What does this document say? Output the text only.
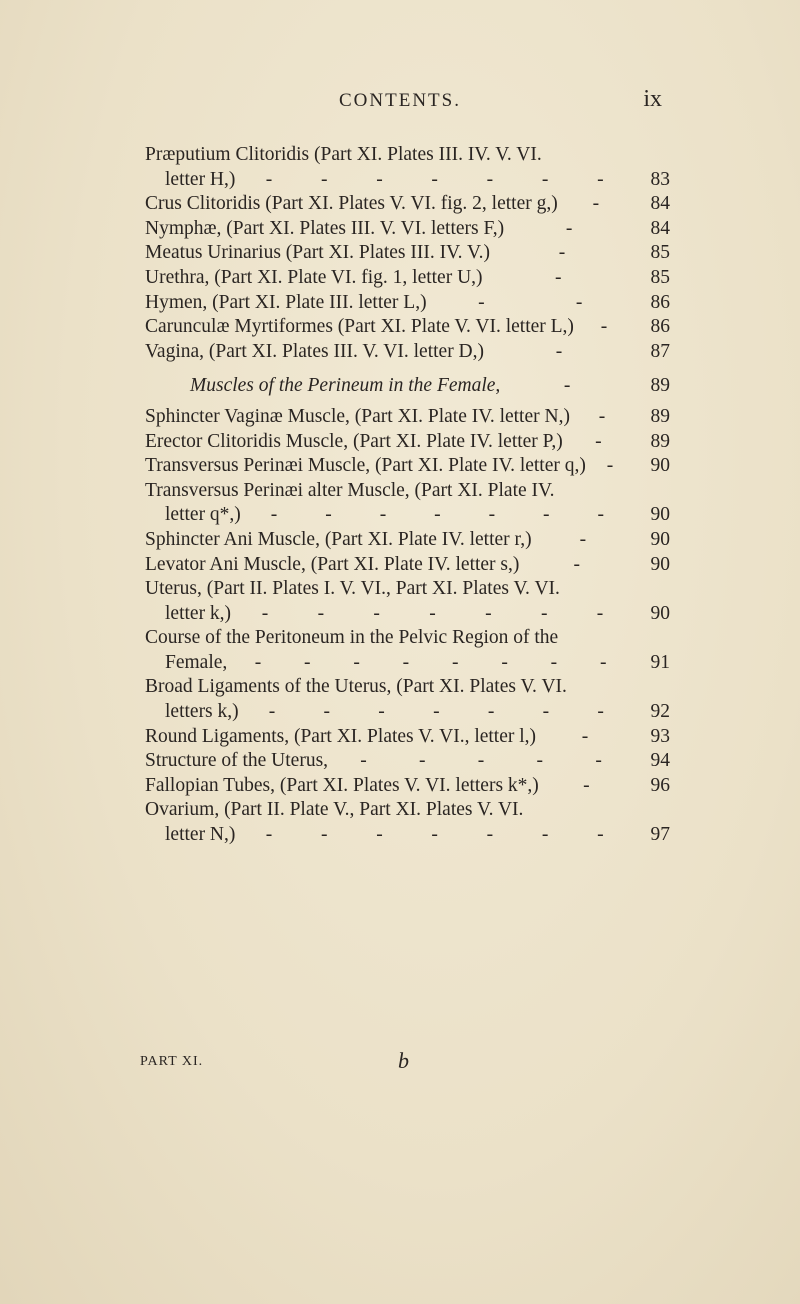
CONTENTS.	ix
Præputium Clitoridis (Part XI. Plates III. IV. V. VI.
letter H,) - - - - - - -	83
Crus Clitoridis (Part XI. Plates V. VI. fig. 2, letter g,) -	84
Nymphæ, (Part XI. Plates III. V. VI. letters F,)	-	84
Meatus Urinarius (Part XI. Plates III. IV. V.)	-	85
Urethra, (Part XI. Plate VI. fig. 1, letter U,)	-	85
Hymen, (Part XI. Plate III. letter L,)	-	-	86
Carunculæ Myrtiformes (Part XI. Plate V. VI. letter L,) -	86
Vagina, (Part XI. Plates III. V. VI. letter D,)	-	87
Muscles of the Perineum in the Female,	-	89
Sphincter Vaginæ Muscle, (Part XI. Plate IV. letter N,) -	89
Erector Clitoridis Muscle, (Part XI. Plate IV. letter P,) -	89
Transversus Perinæi Muscle, (Part XI. Plate IV. letter q,) -	90
Transversus Perinæi alter Muscle, (Part XI. Plate IV.
letter q*,) - - - - - - -	90
Sphincter Ani Muscle, (Part XI. Plate IV. letter r,) -	90
Levator Ani Muscle, (Part XI. Plate IV. letter s,)	-	90
Uterus, (Part II. Plates I. V. VI., Part XI. Plates V. VI.
letter k,) -	-	-	-	-	-	-	90
Course of the Peritoneum in the Pelvic Region of the
Female, - - - - - - - -	91
Broad Ligaments of the Uterus, (Part XI. Plates V. VI.
letters k,) - - - - - - -	92
Round Ligaments, (Part XI. Plates V. VI., letter l,) -	93
Structure of the Uterus, -	-	-	-	-	94
Fallopian Tubes, (Part XI. Plates V. VI. letters k*,) -	96
Ovarium, (Part II. Plate V., Part XI. Plates V. VI.
letter N,) - - - - - - -	97
PART XI.	b
